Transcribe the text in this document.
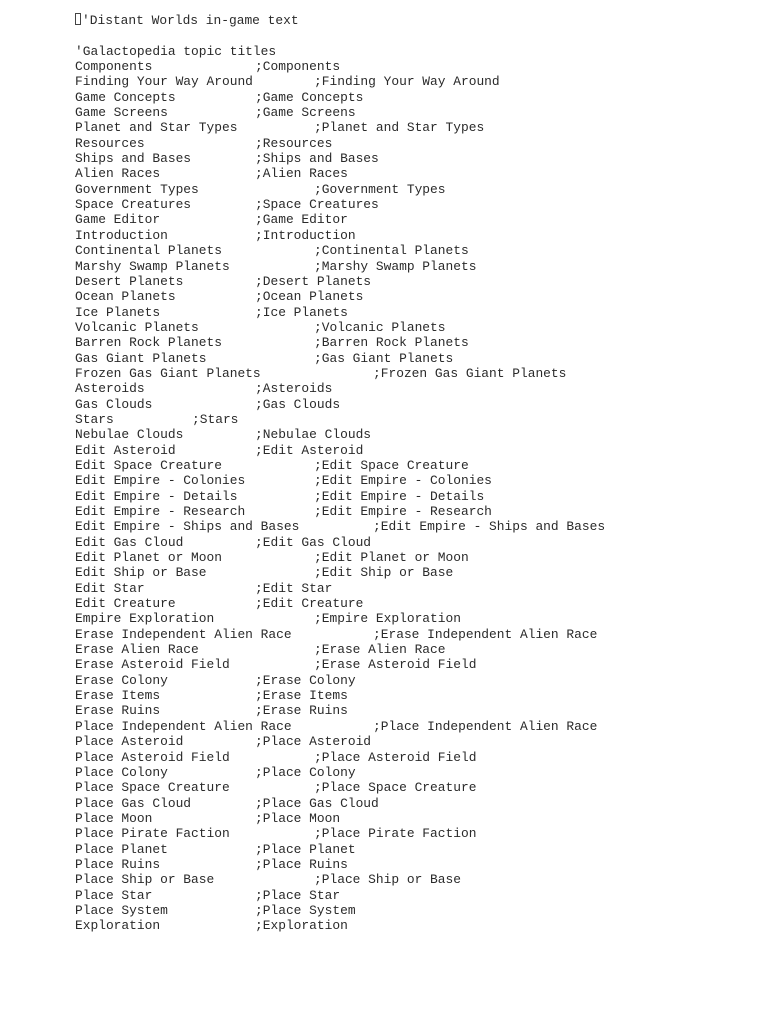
'Distant Worlds in-game text
'Galactopedia topic titles
Components	;Components
Finding Your Way Around	;Finding Your Way Around
Game Concepts	;Game Concepts
Game Screens	;Game Screens
Planet and Star Types	;Planet and Star Types
Resources	;Resources
Ships and Bases	;Ships and Bases
Alien Races	;Alien Races
Government Types	;Government Types
Space Creatures	;Space Creatures
Game Editor	;Game Editor
Introduction	;Introduction
Continental Planets	;Continental Planets
Marshy Swamp Planets	;Marshy Swamp Planets
Desert Planets	;Desert Planets
Ocean Planets	;Ocean Planets
Ice Planets	;Ice Planets
Volcanic Planets	;Volcanic Planets
Barren Rock Planets	;Barren Rock Planets
Gas Giant Planets	;Gas Giant Planets
Frozen Gas Giant Planets	;Frozen Gas Giant Planets
Asteroids	;Asteroids
Gas Clouds	;Gas Clouds
Stars	;Stars
Nebulae Clouds	;Nebulae Clouds
Edit Asteroid	;Edit Asteroid
Edit Space Creature	;Edit Space Creature
Edit Empire - Colonies	;Edit Empire - Colonies
Edit Empire - Details	;Edit Empire - Details
Edit Empire - Research	;Edit Empire - Research
Edit Empire - Ships and Bases	;Edit Empire - Ships and Bases
Edit Gas Cloud	;Edit Gas Cloud
Edit Planet or Moon	;Edit Planet or Moon
Edit Ship or Base	;Edit Ship or Base
Edit Star	;Edit Star
Edit Creature	;Edit Creature
Empire Exploration	;Empire Exploration
Erase Independent Alien Race	;Erase Independent Alien Race
Erase Alien Race	;Erase Alien Race
Erase Asteroid Field	;Erase Asteroid Field
Erase Colony	;Erase Colony
Erase Items	;Erase Items
Erase Ruins	;Erase Ruins
Place Independent Alien Race	;Place Independent Alien Race
Place Asteroid	;Place Asteroid
Place Asteroid Field	;Place Asteroid Field
Place Colony	;Place Colony
Place Space Creature	;Place Space Creature
Place Gas Cloud	;Place Gas Cloud
Place Moon	;Place Moon
Place Pirate Faction	;Place Pirate Faction
Place Planet	;Place Planet
Place Ruins	;Place Ruins
Place Ship or Base	;Place Ship or Base
Place Star	;Place Star
Place System	;Place System
Exploration	;Exploration
